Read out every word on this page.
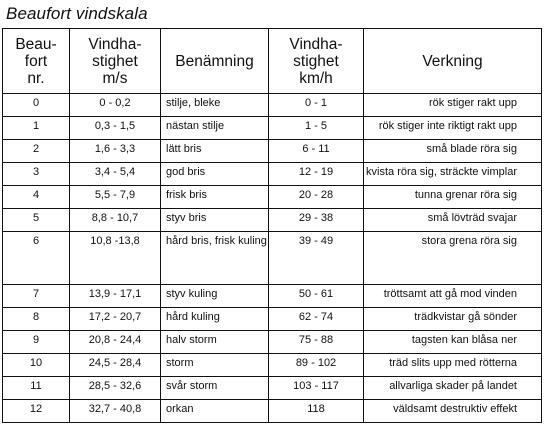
Beaufort vindskala
Beau-
fort
nr.	Vindha-
stighet
m/s	Benämning	Vindha-
stighet
km/h	Verkning

0	0 - 0,2	stilje, bleke	0 - 1	rök stiger rakt upp
1	0,3 - 1,5	nästan stilje	1 - 5	rök stiger inte riktigt rakt upp
2	1,6 - 3,3	lätt bris	6 - 11	små blade röra sig
3	3,4 - 5,4	god bris	12 - 19	kvista röra sig, sträckte vimplar
4	5,5 - 7,9	frisk bris	20 - 28	tunna grenar röra sig
5	8,8 - 10,7	styv bris	29 - 38	små lövträd svajar
6	10,8 -13,8	hård bris, frisk kuling	39 - 49	stora grena röra sig
7	13,9 - 17,1	styv kuling	50 - 61	tröttsamt att gå mod vinden
8	17,2 - 20,7	hård kuling	62 - 74	trädkvistar gå sönder
9	20,8 - 24,4	halv storm	75 - 88	tagsten kan blåsa ner
10	24,5 - 28,4	storm	89 - 102	träd slits upp med rötterna
11	28,5 - 32,6	svår storm	103 - 117	allvarliga skader på landet
12	32,7 - 40,8	orkan	118	väldsamt destruktiv effekt
